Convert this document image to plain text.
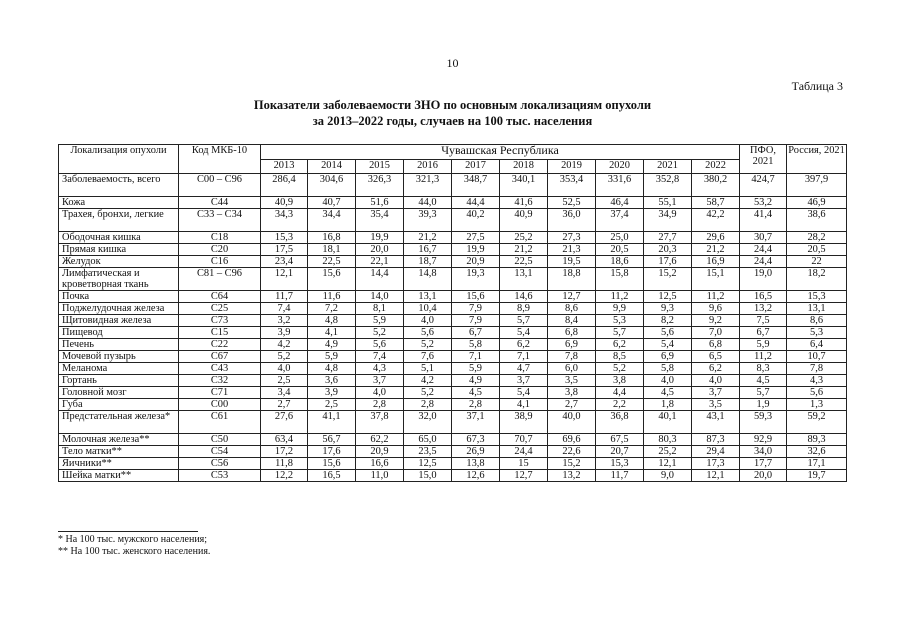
10
Таблица 3
Показатели заболеваемости ЗНО по основным локализациям опухоли
за 2013–2022 годы, случаев на 100 тыс. населения
Локализация опухоли	Код МКБ-10	Чувашская Республика										ПФО, 2021	Россия, 2021
		2013	2014	2015	2016	2017	2018	2019	2020	2021	2022		
Заболеваемость, всего	С00 – С96	286,4	304,6	326,3	321,3	348,7	340,1	353,4	331,6	352,8	380,2	424,7	397,9
Кожа	С44	40,9	40,7	51,6	44,0	44,4	41,6	52,5	46,4	55,1	58,7	53,2	46,9
Трахея, бронхи, легкие	С33 – С34	34,3	34,4	35,4	39,3	40,2	40,9	36,0	37,4	34,9	42,2	41,4	38,6
Ободочная кишка	С18	15,3	16,8	19,9	21,2	27,5	25,2	27,3	25,0	27,7	29,6	30,7	28,2
Прямая кишка	С20	17,5	18,1	20,0	16,7	19,9	21,2	21,3	20,5	20,3	21,2	24,4	20,5
Желудок	С16	23,4	22,5	22,1	18,7	20,9	22,5	19,5	18,6	17,6	16,9	24,4	22
Лимфатическая и кроветворная ткань	С81 – С96	12,1	15,6	14,4	14,8	19,3	13,1	18,8	15,8	15,2	15,1	19,0	18,2
Почка	С64	11,7	11,6	14,0	13,1	15,6	14,6	12,7	11,2	12,5	11,2	16,5	15,3
Поджелудочная железа	С25	7,4	7,2	8,1	10,4	7,9	8,9	8,6	9,9	9,3	9,6	13,2	13,1
Щитовидная железа	С73	3,2	4,8	5,9	4,0	7,9	5,7	8,4	5,3	8,2	9,2	7,5	8,6
Пищевод	С15	3,9	4,1	5,2	5,6	6,7	5,4	6,8	5,7	5,6	7,0	6,7	5,3
Печень	С22	4,2	4,9	5,6	5,2	5,8	6,2	6,9	6,2	5,4	6,8	5,9	6,4
Мочевой пузырь	С67	5,2	5,9	7,4	7,6	7,1	7,1	7,8	8,5	6,9	6,5	11,2	10,7
Меланома	С43	4,0	4,8	4,3	5,1	5,9	4,7	6,0	5,2	5,8	6,2	8,3	7,8
Гортань	С32	2,5	3,6	3,7	4,2	4,9	3,7	3,5	3,8	4,0	4,0	4,5	4,3
Головной мозг	С71	3,4	3,9	4,0	5,2	4,5	5,4	3,8	4,4	4,5	3,7	5,7	5,6
Губа	С00	2,7	2,5	2,8	2,8	2,8	4,1	2,7	2,2	1,8	3,5	1,9	1,3
Предстательная железа*	С61	27,6	41,1	37,8	32,0	37,1	38,9	40,0	36,8	40,1	43,1	59,3	59,2
Молочная железа**	С50	63,4	56,7	62,2	65,0	67,3	70,7	69,6	67,5	80,3	87,3	92,9	89,3
Тело матки**	С54	17,2	17,6	20,9	23,5	26,9	24,4	22,6	20,7	25,2	29,4	34,0	32,6
Яичники**	С56	11,8	15,6	16,6	12,5	13,8	15	15,2	15,3	12,1	17,3	17,7	17,1
Шейка матки**	С53	12,2	16,5	11,0	15,0	12,6	12,7	13,2	11,7	9,0	12,1	20,0	19,7
* На 100 тыс. мужского населения;
** На 100 тыс. женского населения.
